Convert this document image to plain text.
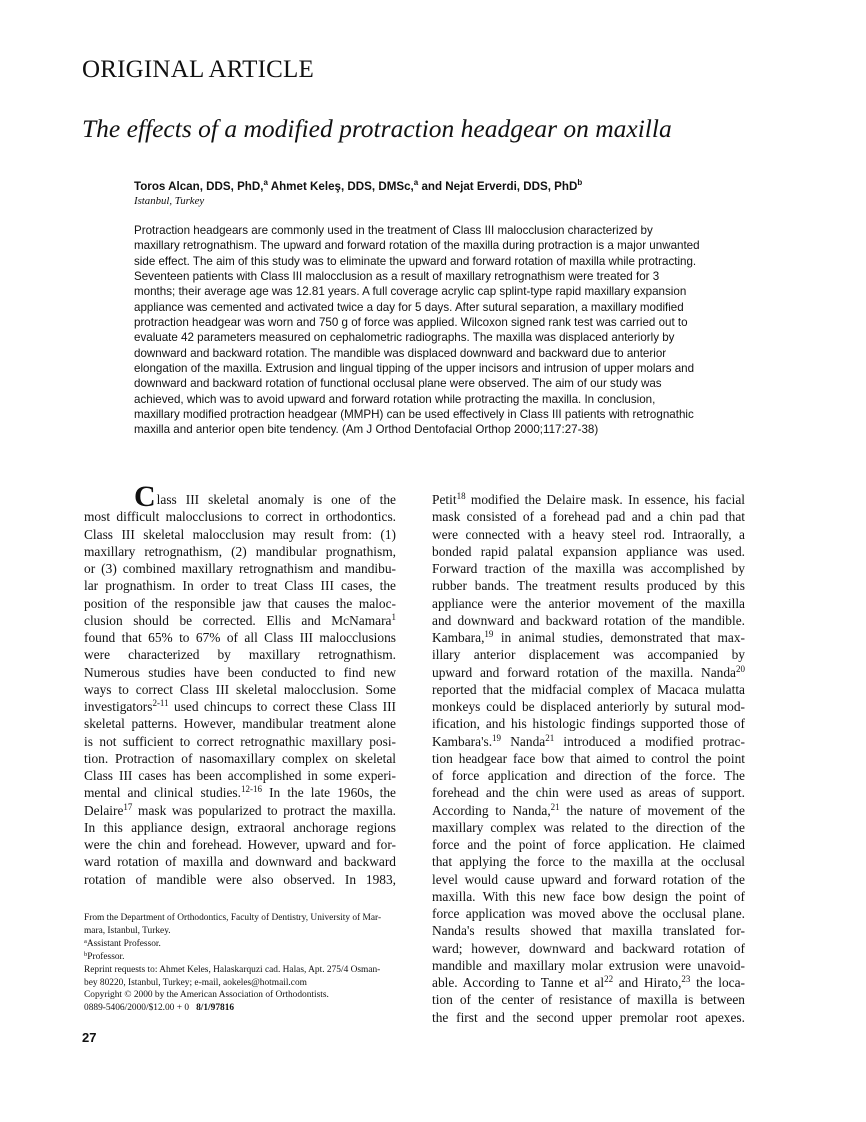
ORIGINAL ARTICLE
The effects of a modified protraction headgear on maxilla
Toros Alcan, DDS, PhD,$^a$ Ahmet Keleş, DDS, DMSc,$^a$ and Nejat Erverdi, DDS, PhD$^b$
Istanbul, Turkey
Protraction headgears are commonly used in the treatment of Class III malocclusion characterized by
maxillary retrognathism. The upward and forward rotation of the maxilla during protraction is a major unwanted
side effect. The aim of this study was to eliminate the upward and forward rotation of maxilla while protracting.
Seventeen patients with Class III malocclusion as a result of maxillary retrognathism were treated for 3
months; their average age was 12.81 years. A full coverage acrylic cap splint-type rapid maxillary expansion
appliance was cemented and activated twice a day for 5 days. After sutural separation, a maxillary modified
protraction headgear was worn and 750 g of force was applied. Wilcoxon signed rank test was carried out to
evaluate 42 parameters measured on cephalometric radiographs. The maxilla was displaced anteriorly by
downward and backward rotation. The mandible was displaced downward and backward due to anterior
elongation of the maxilla. Extrusion and lingual tipping of the upper incisors and intrusion of upper molars and
downward and backward rotation of functional occlusal plane were observed. The aim of our study was
achieved, which was to avoid upward and forward rotation while protracting the maxilla. In conclusion,
maxillary modified protraction headgear (MMPH) can be used effectively in Class III patients with retrognathic
maxilla and anterior open bite tendency. (Am J Orthod Dentofacial Orthop 2000;117:27-38)
Class III skeletal anomaly is one of the
most difficult malocclusions to correct in orthodontics.
Class III skeletal malocclusion may result from: (1)
maxillary retrognathism, (2) mandibular prognathism,
or (3) combined maxillary retrognathism and mandibu-
lar prognathism. In order to treat Class III cases, the
position of the responsible jaw that causes the maloc-
clusion should be corrected. Ellis and McNamara$^1$
found that 65% to 67% of all Class III malocclusions
were characterized by maxillary retrognathism.
Numerous studies have been conducted to find new
ways to correct Class III skeletal malocclusion. Some
investigators$^{2-11}$ used chincups to correct these Class III
skeletal patterns. However, mandibular treatment alone
is not sufficient to correct retrognathic maxillary posi-
tion. Protraction of nasomaxillary complex on skeletal
Class III cases has been accomplished in some experi-
mental and clinical studies.$^{12-16}$ In the late 1960s, the
Delaire$^{17}$ mask was popularized to protract the maxilla.
In this appliance design, extraoral anchorage regions
were the chin and forehead. However, upward and for-
ward rotation of maxilla and downward and backward
rotation of mandible were also observed. In 1983,
Petit$^{18}$ modified the Delaire mask. In essence, his facial
mask consisted of a forehead pad and a chin pad that
were connected with a heavy steel rod. Intraorally, a
bonded rapid palatal expansion appliance was used.
Forward traction of the maxilla was accomplished by
rubber bands. The treatment results produced by this
appliance were the anterior movement of the maxilla
and downward and backward rotation of the mandible.
Kambara,$^{19}$ in animal studies, demonstrated that max-
illary anterior displacement was accompanied by
upward and forward rotation of the maxilla. Nanda$^{20}$
reported that the midfacial complex of Macaca mulatta
monkeys could be displaced anteriorly by sutural mod-
ification, and his histologic findings supported those of
Kambara's.$^{19}$ Nanda$^{21}$ introduced a modified protrac-
tion headgear face bow that aimed to control the point
of force application and direction of the force. The
forehead and the chin were used as areas of support.
According to Nanda,$^{21}$ the nature of movement of the
maxillary complex was related to the direction of the
force and the point of force application. He claimed
that applying the force to the maxilla at the occlusal
level would cause upward and forward rotation of the
maxilla. With this new face bow design the point of
force application was moved above the occlusal plane.
Nanda's results showed that maxilla translated for-
ward; however, downward and backward rotation of
mandible and maxillary molar extrusion were unavoid-
able. According to Tanne et $al^{22}$ and Hirato,$^{23}$ the loca-
tion of the center of resistance of maxilla is between
the first and the second upper premolar root apexes.
From the Department of Orthodontics, Faculty of Dentistry, University of Mar-
mara, Istanbul, Turkey.
$^a$Assistant Professor.
$^b$Professor.
Reprint requests to: Ahmet Keles, Halaskarquzi cad. Halas, Apt. 275/4 Osman-
bey 80220, Istanbul, Turkey; e-mail, aokeles@hotmail.com
Copyright © 2000 by the American Association of Orthodontists.
0889-5406/2000/$12.00 + 0 8/1/97816
27
